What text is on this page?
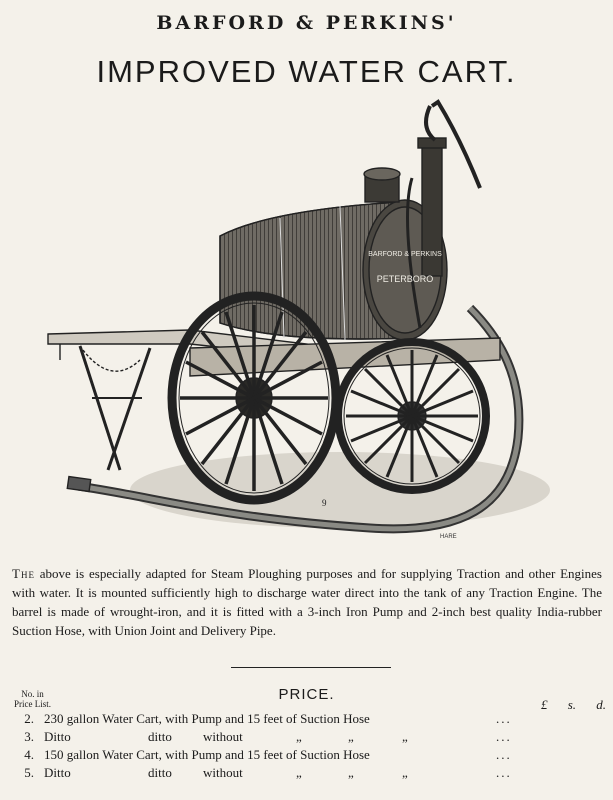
BARFORD & PERKINS'
IMPROVED WATER CART.
BARFORD & PERKINS
PETERBORO
9
HARE
The above is especially adapted for Steam Ploughing purposes and for supplying Traction and other Engines with water. It is mounted sufficiently high to discharge water direct into the tank of any Traction Engine. The barrel is made of wrought-iron, and it is fitted with a 3-inch Iron Pump and 2-inch best quality India-rubber Suction Hose, with Union Joint and Delivery Pipe.
No. in
Price List.
PRICE.
£ s. d.
2. 230 gallon Water Cart, with Pump and 15 feet of Suction Hose	...
3. Ditto	ditto without	„	„	„	...
4. 150 gallon Water Cart, with Pump and 15 feet of Suction Hose	...
5. Ditto	ditto without	„	„	„	...
